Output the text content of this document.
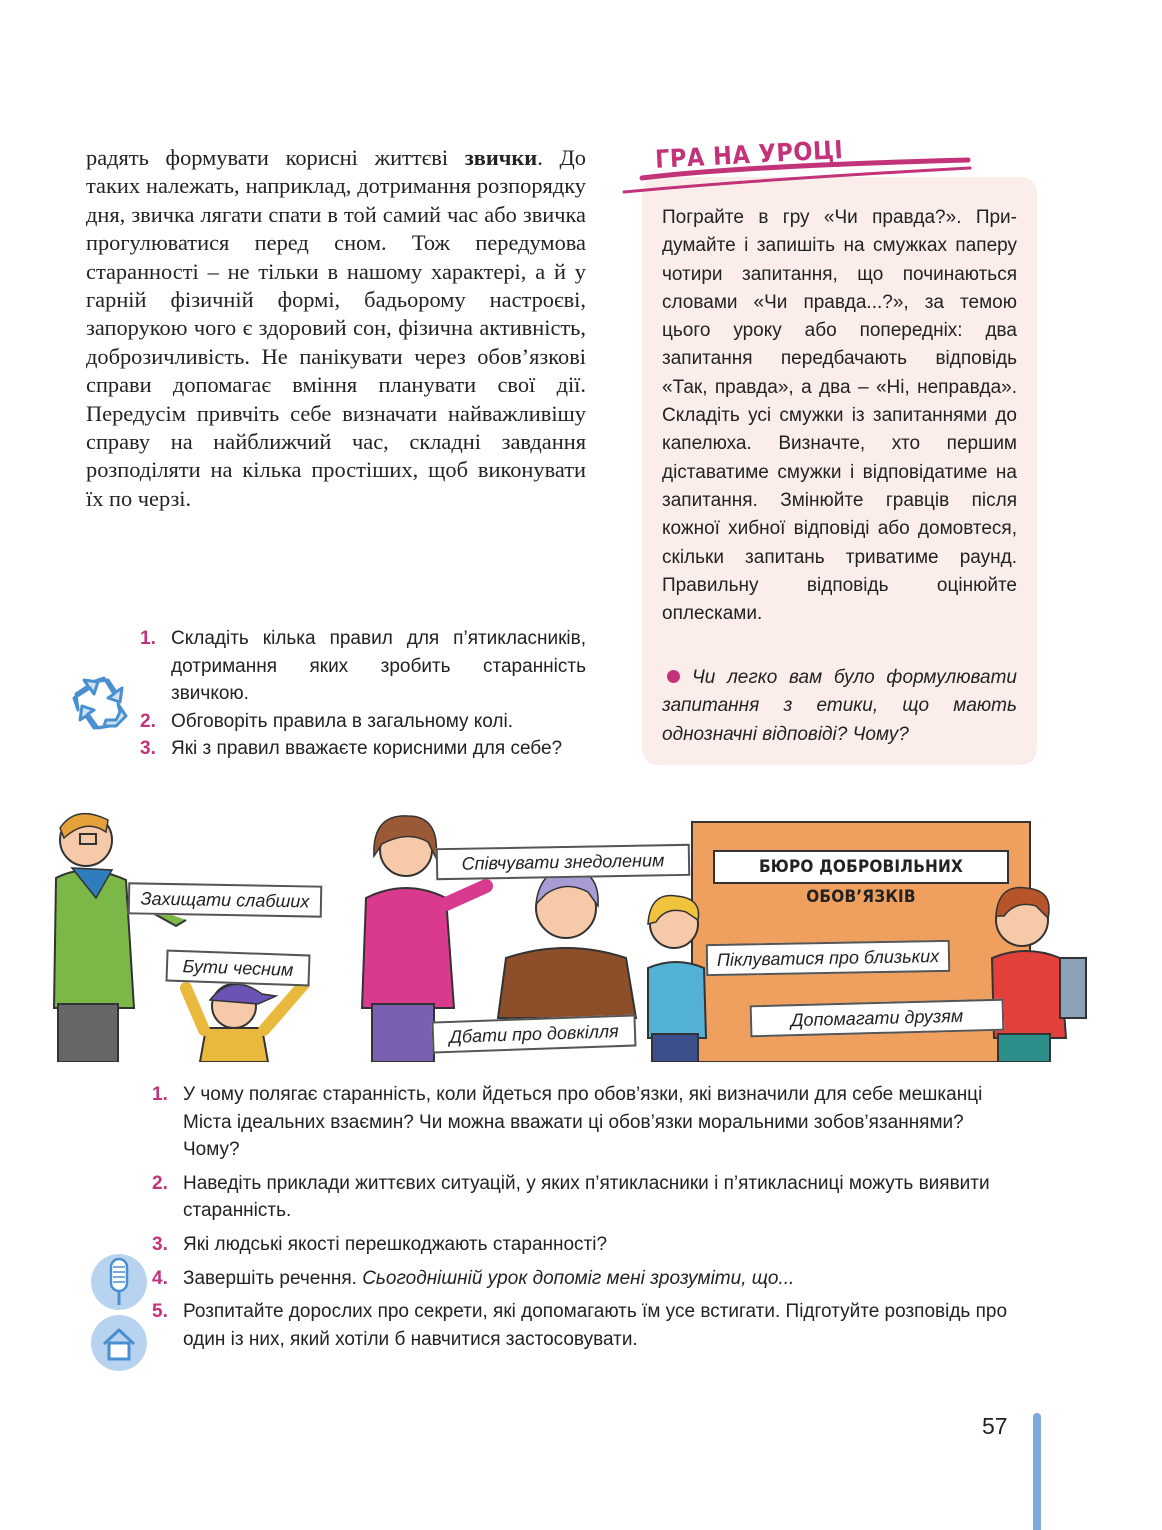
радять формувати корисні життєві звички. До таких належать, наприклад, дотримання розпорядку дня, звичка лягати спати в той самий час або звичка прогулюватися перед сном. Тож передумова старанності – не тільки в нашому характері, а й у гарній фізичній формі, бадьорому настроєві, запорукою чого є здоровий сон, фізична активність, доброзичливість. Не панікувати через обов’язкові справи допомагає вміння планувати свої дії. Передусім привчіть себе визначати найважливішу справу на найближчий час, складні завдання розподіляти на кілька простіших, щоб виконувати їх по черзі.
1. Складіть кілька правил для п’ятикласників, дотримання яких зробить старанність звичкою.
2. Обговоріть правила в загальному колі.
3. Які з правил вважаєте корисними для себе?
ГРА НА УРОЦІ
Пограйте в гру «Чи правда?». Придумайте і запишіть на смужках паперу чотири запитання, що починаються словами «Чи правда...?», за темою цього уроку або попередніх: два запитання передбачають відповідь «Так, правда», а два – «Ні, неправда». Складіть усі смужки із запитаннями до капелюха. Визначте, хто першим діставатиме смужки і відповідатиме на запитання. Змінюйте гравців після кожної хибної відповіді або домовтеся, скільки запитань триватиме раунд. Правильну відповідь оцінюйте оплесками.
Чи легко вам було формулювати запитання з етики, що мають однозначні відповіді? Чому?
Захищати слабших
Бути чесним
Співчувати знедоленим
Дбати про довкілля
Піклуватися про близьких
Допомагати друзям
БЮРО ДОБРОВІЛЬНИХ ОБОВ’ЯЗКІВ
1. У чому полягає старанність, коли йдеться про обов’язки, які визначили для себе мешканці Міста ідеальних взаємин? Чи можна вважати ці обов’язки моральними зобов’язаннями? Чому?
2. Наведіть приклади життєвих ситуацій, у яких п’ятикласники і п’ятикласниці можуть виявити старанність.
3. Які людські якості перешкоджають старанності?
4. Завершіть речення. Сьогоднішній урок допоміг мені зрозуміти, що...
5. Розпитайте дорослих про секрети, які допомагають їм усе встигати. Підготуйте розповідь про один із них, який хотіли б навчитися застосовувати.
57
